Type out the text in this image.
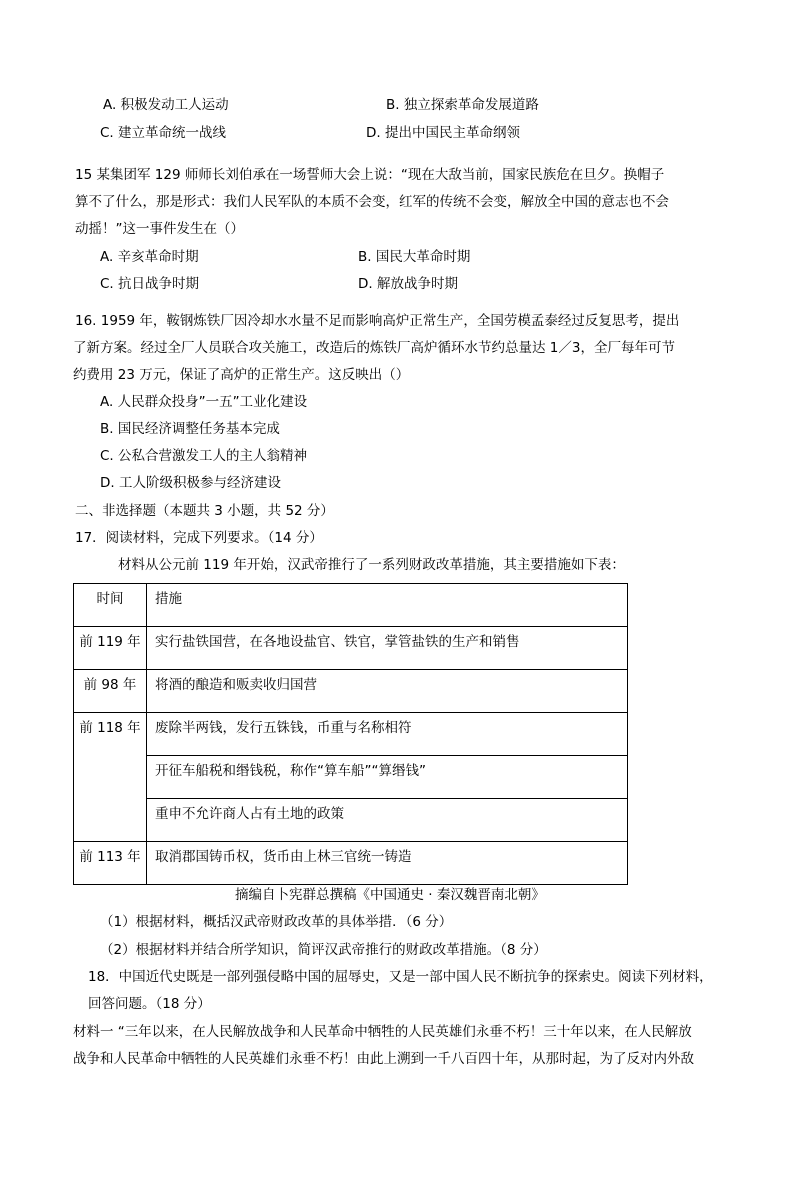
A. 积极发动工人运动	B. 独立探索革命发展道路
C. 建立革命统一战线	D. 提出中国民主革命纲领
15 某集团军 129 师师长刘伯承在一场誓师大会上说：“现在大敌当前，国家民族危在旦夕。换帽子
算不了什么，那是形式：我们人民军队的本质不会变，红军的传统不会变，解放全中国的意志也不会
动摇！”这一事件发生在（）
A. 辛亥革命时期	B. 国民大革命时期
C. 抗日战争时期	D. 解放战争时期
16. 1959 年，鞍钢炼铁厂因冷却水水量不足而影响高炉正常生产，全国劳模孟泰经过反复思考，提出
了新方案。经过全厂人员联合攻关施工，改造后的炼铁厂高炉循环水节约总量达 1／3，全厂每年可节
约费用 23 万元，保证了高炉的正常生产。这反映出（）
A. 人民群众投身”一五”工业化建设
B. 国民经济调整任务基本完成
C. 公私合营激发工人的主人翁精神
D. 工人阶级积极参与经济建设
二、非选择题（本题共 3 小题，共 52 分）
17．阅读材料，完成下列要求。（14 分）
材料从公元前 119 年开始，汉武帝推行了一系列财政改革措施，其主要措施如下表：
时间	措施
前 119 年	实行盐铁国营，在各地设盐官、铁官，掌管盐铁的生产和销售
前 98 年	将酒的酿造和贩卖收归国营
前 118 年	废除半两钱，发行五铢钱，币重与名称相符
	开征车船税和缗钱税，称作“算车船”“算缗钱”
	重申不允许商人占有土地的政策
前 113 年	取消郡国铸币权，货币由上林三官统一铸造
摘编自卜宪群总撰稿《中国通史 · 秦汉魏晋南北朝》
（1）根据材料，概括汉武帝财政改革的具体举措．（6 分）
（2）根据材料并结合所学知识，简评汉武帝推行的财政改革措施。（8 分）
18．中国近代史既是一部列强侵略中国的屈辱史，又是一部中国人民不断抗争的探索史。阅读下列材料，
回答问题。（18 分）
材料一 “三年以来，在人民解放战争和人民革命中牺牲的人民英雄们永垂不朽！三十年以来，在人民解放
战争和人民革命中牺牲的人民英雄们永垂不朽！由此上溯到一千八百四十年，从那时起，为了反对内外敌
